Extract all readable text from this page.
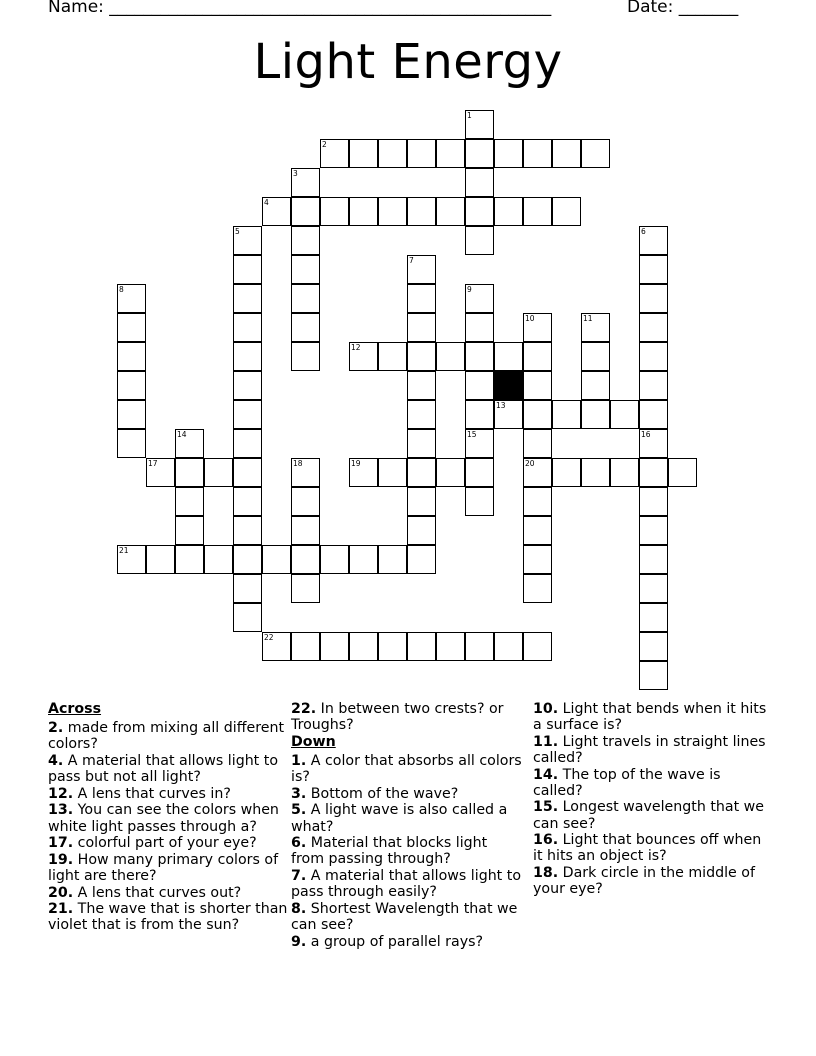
Name: ____________________________________________________	Date: _______
Light Energy
1
2
3
4
5	6
7
8	9
15
10
20
11
12
13
14	16
17	18	19
21
22
Across
2. made from mixing all different colors?
4. A material that allows light to pass but not all light?
12. A lens that curves in?
13. You can see the colors when white light passes through a?
17. colorful part of your eye?
19. How many primary colors of light are there?
20. A lens that curves out?
21. The wave that is shorter than violet that is from the sun?
22. In between two crests? or Troughs?
Down
1. A color that absorbs all colors is?
3. Bottom of the wave?
5. A light wave is also called a what?
6. Material that blocks light from passing through?
7. A material that allows light to pass through easily?
8. Shortest Wavelength that we can see?
9. a group of parallel rays?
10. Light that bends when it hits a surface is?
11. Light travels in straight lines called?
14. The top of the wave is called?
15. Longest wavelength that we can see?
16. Light that bounces off when it hits an object is?
18. Dark circle in the middle of your eye?
